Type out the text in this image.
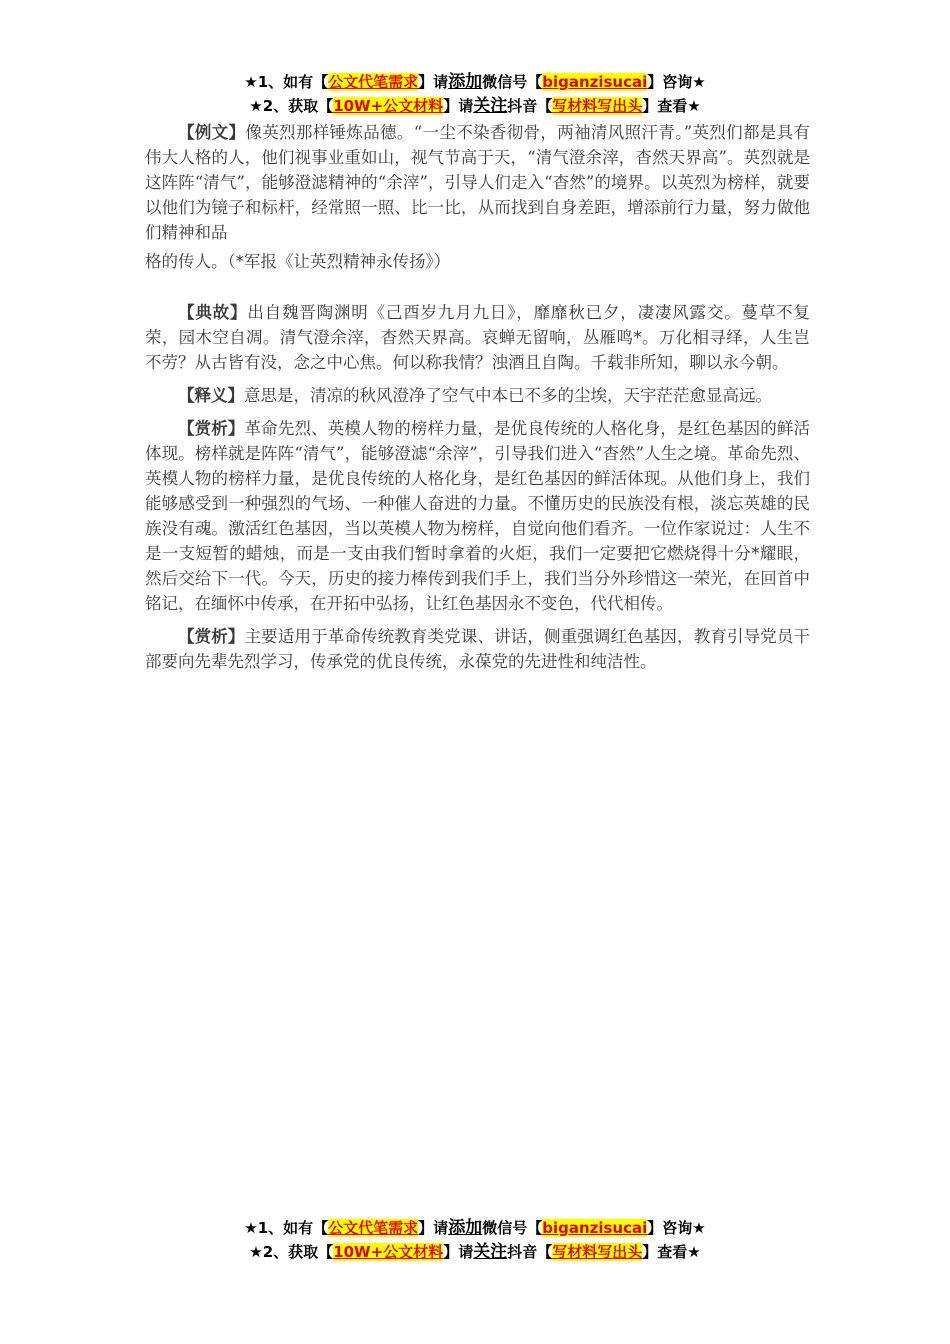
★1、如有【公文代笔需求】请添加微信号【biganzisucai】咨询★
★2、获取【10W+公文材料】请关注抖音【写材料写出头】查看★

【例文】像英烈那样锤炼品德。“一尘不染香彻骨，两袖清风照汗青。”英烈们都是具有伟大人格的人，他们视事业重如山，视气节高于天，“清气澄余滓，杳然天界高”。英烈就是这阵阵“清气”，能够澄滤精神的“余滓”，引导人们走入“杳然”的境界。以英烈为榜样，就要以他们为镜子和标杆，经常照一照、比一比，从而找到自身差距，增添前行力量，努力做他们精神和品

格的传人。（*军报《让英烈精神永传扬》）

【典故】出自魏晋陶渊明《己酉岁九月九日》，靡靡秋已夕，凄凄风露交。蔓草不复荣，园木空自凋。清气澄余滓，杳然天界高。哀蝉无留响，丛雁鸣*。万化相寻绎，人生岂不劳？从古皆有没，念之中心焦。何以称我情？浊酒且自陶。千载非所知，聊以永今朝。

【释义】意思是，清凉的秋风澄净了空气中本已不多的尘埃，天宇茫茫愈显高远。

【赏析】革命先烈、英模人物的榜样力量，是优良传统的人格化身，是红色基因的鲜活体现。榜样就是阵阵“清气”，能够澄滤“余滓”，引导我们进入“杳然”人生之境。革命先烈、英模人物的榜样力量，是优良传统的人格化身，是红色基因的鲜活体现。从他们身上，我们能够感受到一种强烈的气场、一种催人奋进的力量。不懂历史的民族没有根，淡忘英雄的民族没有魂。激活红色基因，当以英模人物为榜样，自觉向他们看齐。一位作家说过：人生不是一支短暂的蜡烛，而是一支由我们暂时拿着的火炬，我们一定要把它燃烧得十分*耀眼，然后交给下一代。今天，历史的接力棒传到我们手上，我们当分外珍惜这一荣光，在回首中铭记，在缅怀中传承，在开拓中弘扬，让红色基因永不变色，代代相传。

【赏析】主要适用于革命传统教育类党课、讲话，侧重强调红色基因，教育引导党员干部要向先辈先烈学习，传承党的优良传统，永葆党的先进性和纯洁性。

★1、如有【公文代笔需求】请添加微信号【biganzisucai】咨询★
★2、获取【10W+公文材料】请关注抖音【写材料写出头】查看★
